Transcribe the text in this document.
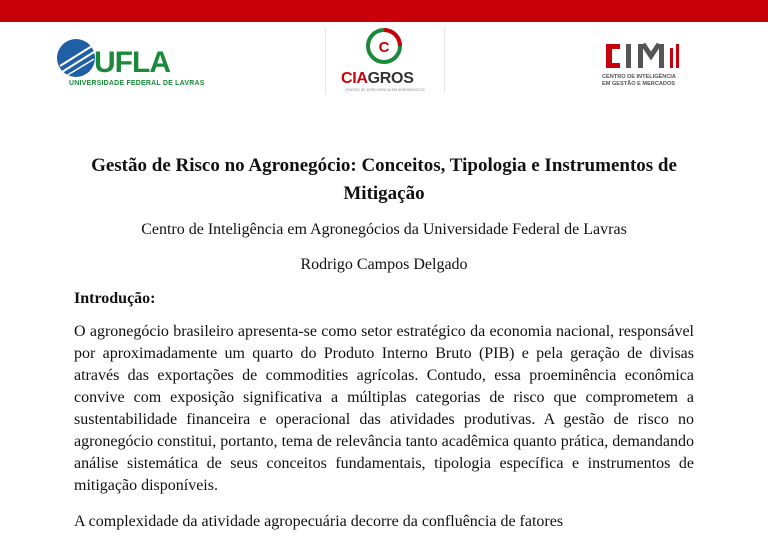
UFLA
UNIVERSIDADE FEDERAL DE LAVRAS
C
CIAGROS
CENTRO DE INTELIGÊNCIA EM AGRONEGÓCIO
CENTRO DE INTELIGÊNCIA
EM GESTÃO E MERCADOS
Gestão de Risco no Agronegócio: Conceitos, Tipologia e Instrumentos de Mitigação
Centro de Inteligência em Agronegócios da Universidade Federal de Lavras
Rodrigo Campos Delgado
Introdução:

O agronegócio brasileiro apresenta-se como setor estratégico da economia nacional, responsável por aproximadamente um quarto do Produto Interno Bruto (PIB) e pela geração de divisas através das exportações de commodities agrícolas. Contudo, essa proeminência econômica convive com exposição significativa a múltiplas categorias de risco que comprometem a sustentabilidade financeira e operacional das atividades produtivas. A gestão de risco no agronegócio constitui, portanto, tema de relevância tanto acadêmica quanto prática, demandando análise sistemática de seus conceitos fundamentais, tipologia específica e instrumentos de mitigação disponíveis.

A complexidade da atividade agropecuária decorre da confluência de fatores
